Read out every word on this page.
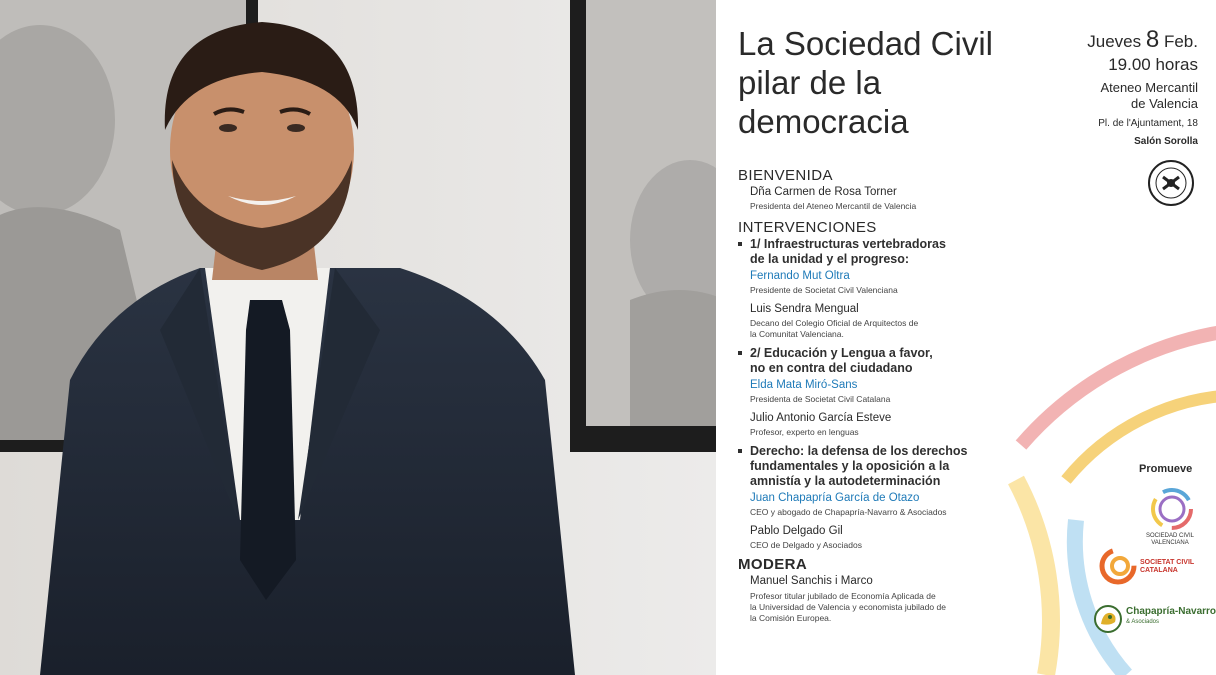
La Sociedad Civil
pilar de la
democracia
Jueves 8 Feb.
19.00 horas
Ateneo Mercantil
de Valencia
Pl. de l'Ajuntament, 18
Salón Sorolla
BIENVENIDA
Dña Carmen de Rosa Torner
Presidenta del Ateneo Mercantil de Valencia
INTERVENCIONES
1/ Infraestructuras vertebradoras
de la unidad y el progreso:
Fernando Mut Oltra
Presidente de Societat Civil Valenciana
Luis Sendra Mengual
Decano del Colegio Oficial de Arquitectos de
la Comunitat Valenciana.
2/ Educación y Lengua a favor,
no en contra del ciudadano
Elda Mata Miró-Sans
Presidenta de Societat Civil Catalana
Julio Antonio García Esteve
Profesor, experto en lenguas
Derecho: la defensa de los derechos
fundamentales y la oposición a la
amnistía y la autodeterminación
Juan Chapapría García de Otazo
CEO y abogado de Chapapría-Navarro & Asociados
Pablo Delgado Gil
CEO de Delgado y Asociados
MODERA
Manuel Sanchis i Marco
Profesor titular jubilado de Economía Aplicada de
la Universidad de Valencia y economista jubilado de
la Comisión Europea.
Promueve
SOCIEDAD CIVIL
VALENCIANA
SOCIETAT CIVIL
CATALANA
Chapapría-Navarro
& Asociados
